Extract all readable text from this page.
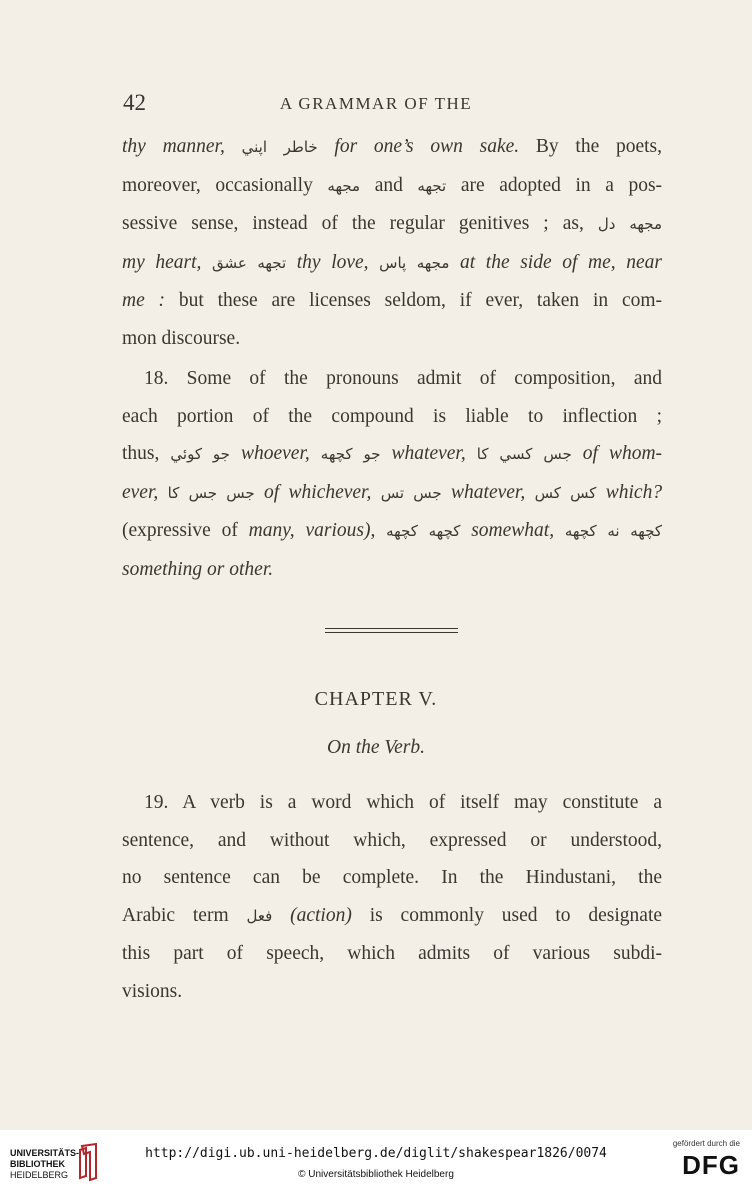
42	A GRAMMAR OF THE
thy manner, خاطر اپني for one’s own sake. By the poets,
moreover, occasionally مجهه and تجهه are adopted in a pos-
sessive sense, instead of the regular genitives ; as, مجهه دل
my heart, تجهه عشق thy love, مجهه پاس at the side of me, near
me : but these are licenses seldom, if ever, taken in com-
mon discourse.
18. Some of the pronouns admit of composition, and
each portion of the compound is liable to inflection ;
thus, جو كوئي whoever, جو كچهه whatever, جس كسي كا of whom-
ever, جس جس كا of whichever, جس تس whatever, كس كس which?
(expressive of many, various), كچهه كچهه somewhat, كچهه نه كچهه
something or other.
CHAPTER V.
On the Verb.
19. A verb is a word which of itself may constitute a
sentence, and without which, expressed or understood,
no sentence can be complete. In the Hindustani, the
Arabic term فعل (action) is commonly used to designate
this part of speech, which admits of various subdi-
visions.
UNIVERSITÄTS-
BIBLIOTHEK
HEIDELBERG
http://digi.ub.uni-heidelberg.de/diglit/shakespear1826/0074
© Universitätsbibliothek Heidelberg
gefördert durch die
DFG
